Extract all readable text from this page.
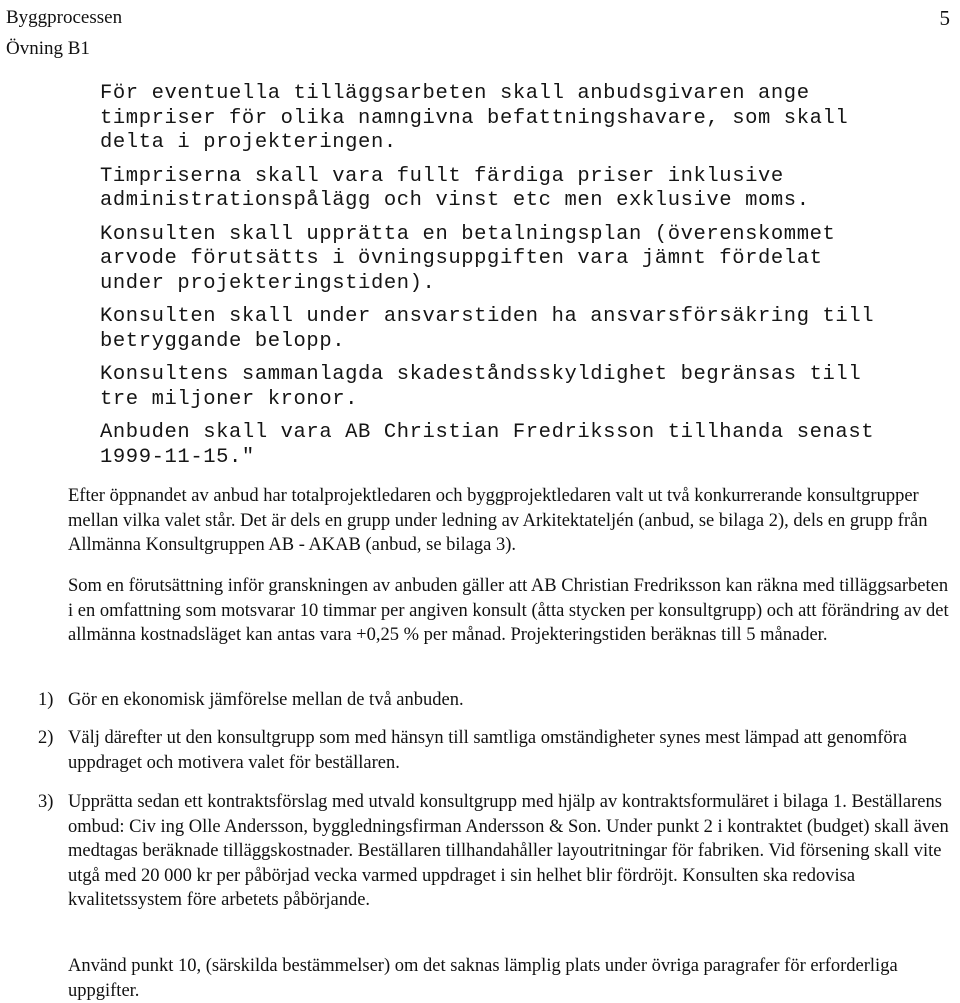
Byggprocessen
Övning B1
5

För eventuella tilläggsarbeten skall anbudsgivaren ange
timpriser för olika namngivna befattningshavare, som skall
delta i projekteringen.

Timpriserna skall vara fullt färdiga priser inklusive
administrationspålägg och vinst etc men exklusive moms.

Konsulten skall upprätta en betalningsplan (överenskommet
arvode förutsätts i övningsuppgiften vara jämnt fördelat
under projekteringstiden).

Konsulten skall under ansvarstiden ha ansvarsförsäkring till
betryggande belopp.

Konsultens sammanlagda skadeståndsskyldighet begränsas till
tre miljoner kronor.

Anbuden skall vara AB Christian Fredriksson tillhanda senast
1999-11-15."

Efter öppnandet av anbud har totalprojektledaren och byggprojektledaren valt ut två konkurrerande konsultgrupper mellan vilka valet står. Det är dels en grupp under ledning av Arkitektateljén (anbud, se bilaga 2), dels en grupp från Allmänna Konsultgruppen AB - AKAB (anbud, se bilaga 3).

Som en förutsättning inför granskningen av anbuden gäller att AB Christian Fredriksson kan räkna med tilläggsarbeten i en omfattning som motsvarar 10 timmar per angiven konsult (åtta stycken per konsultgrupp) och att förändring av det allmänna kostnadsläget kan antas vara +0,25 % per månad. Projekteringstiden beräknas till 5 månader.

1) Gör en ekonomisk jämförelse mellan de två anbuden.
2) Välj därefter ut den konsultgrupp som med hänsyn till samtliga omständigheter synes mest lämpad att genomföra uppdraget och motivera valet för beställaren.
3) Upprätta sedan ett kontraktsförslag med utvald konsultgrupp med hjälp av kontraktsformuläret i bilaga 1. Beställarens ombud: Civ ing Olle Andersson, byggledningsfirman Andersson & Son. Under punkt 2 i kontraktet (budget) skall även medtagas beräknade tilläggskostnader. Beställaren tillhandahåller layoutritningar för fabriken. Vid försening skall vite utgå med 20 000 kr per påbörjad vecka varmed uppdraget i sin helhet blir fördröjt. Konsulten ska redovisa kvalitetssystem före arbetets påbörjande.

Använd punkt 10, (särskilda bestämmelser) om det saknas lämplig plats under övriga paragrafer för erforderliga uppgifter.
